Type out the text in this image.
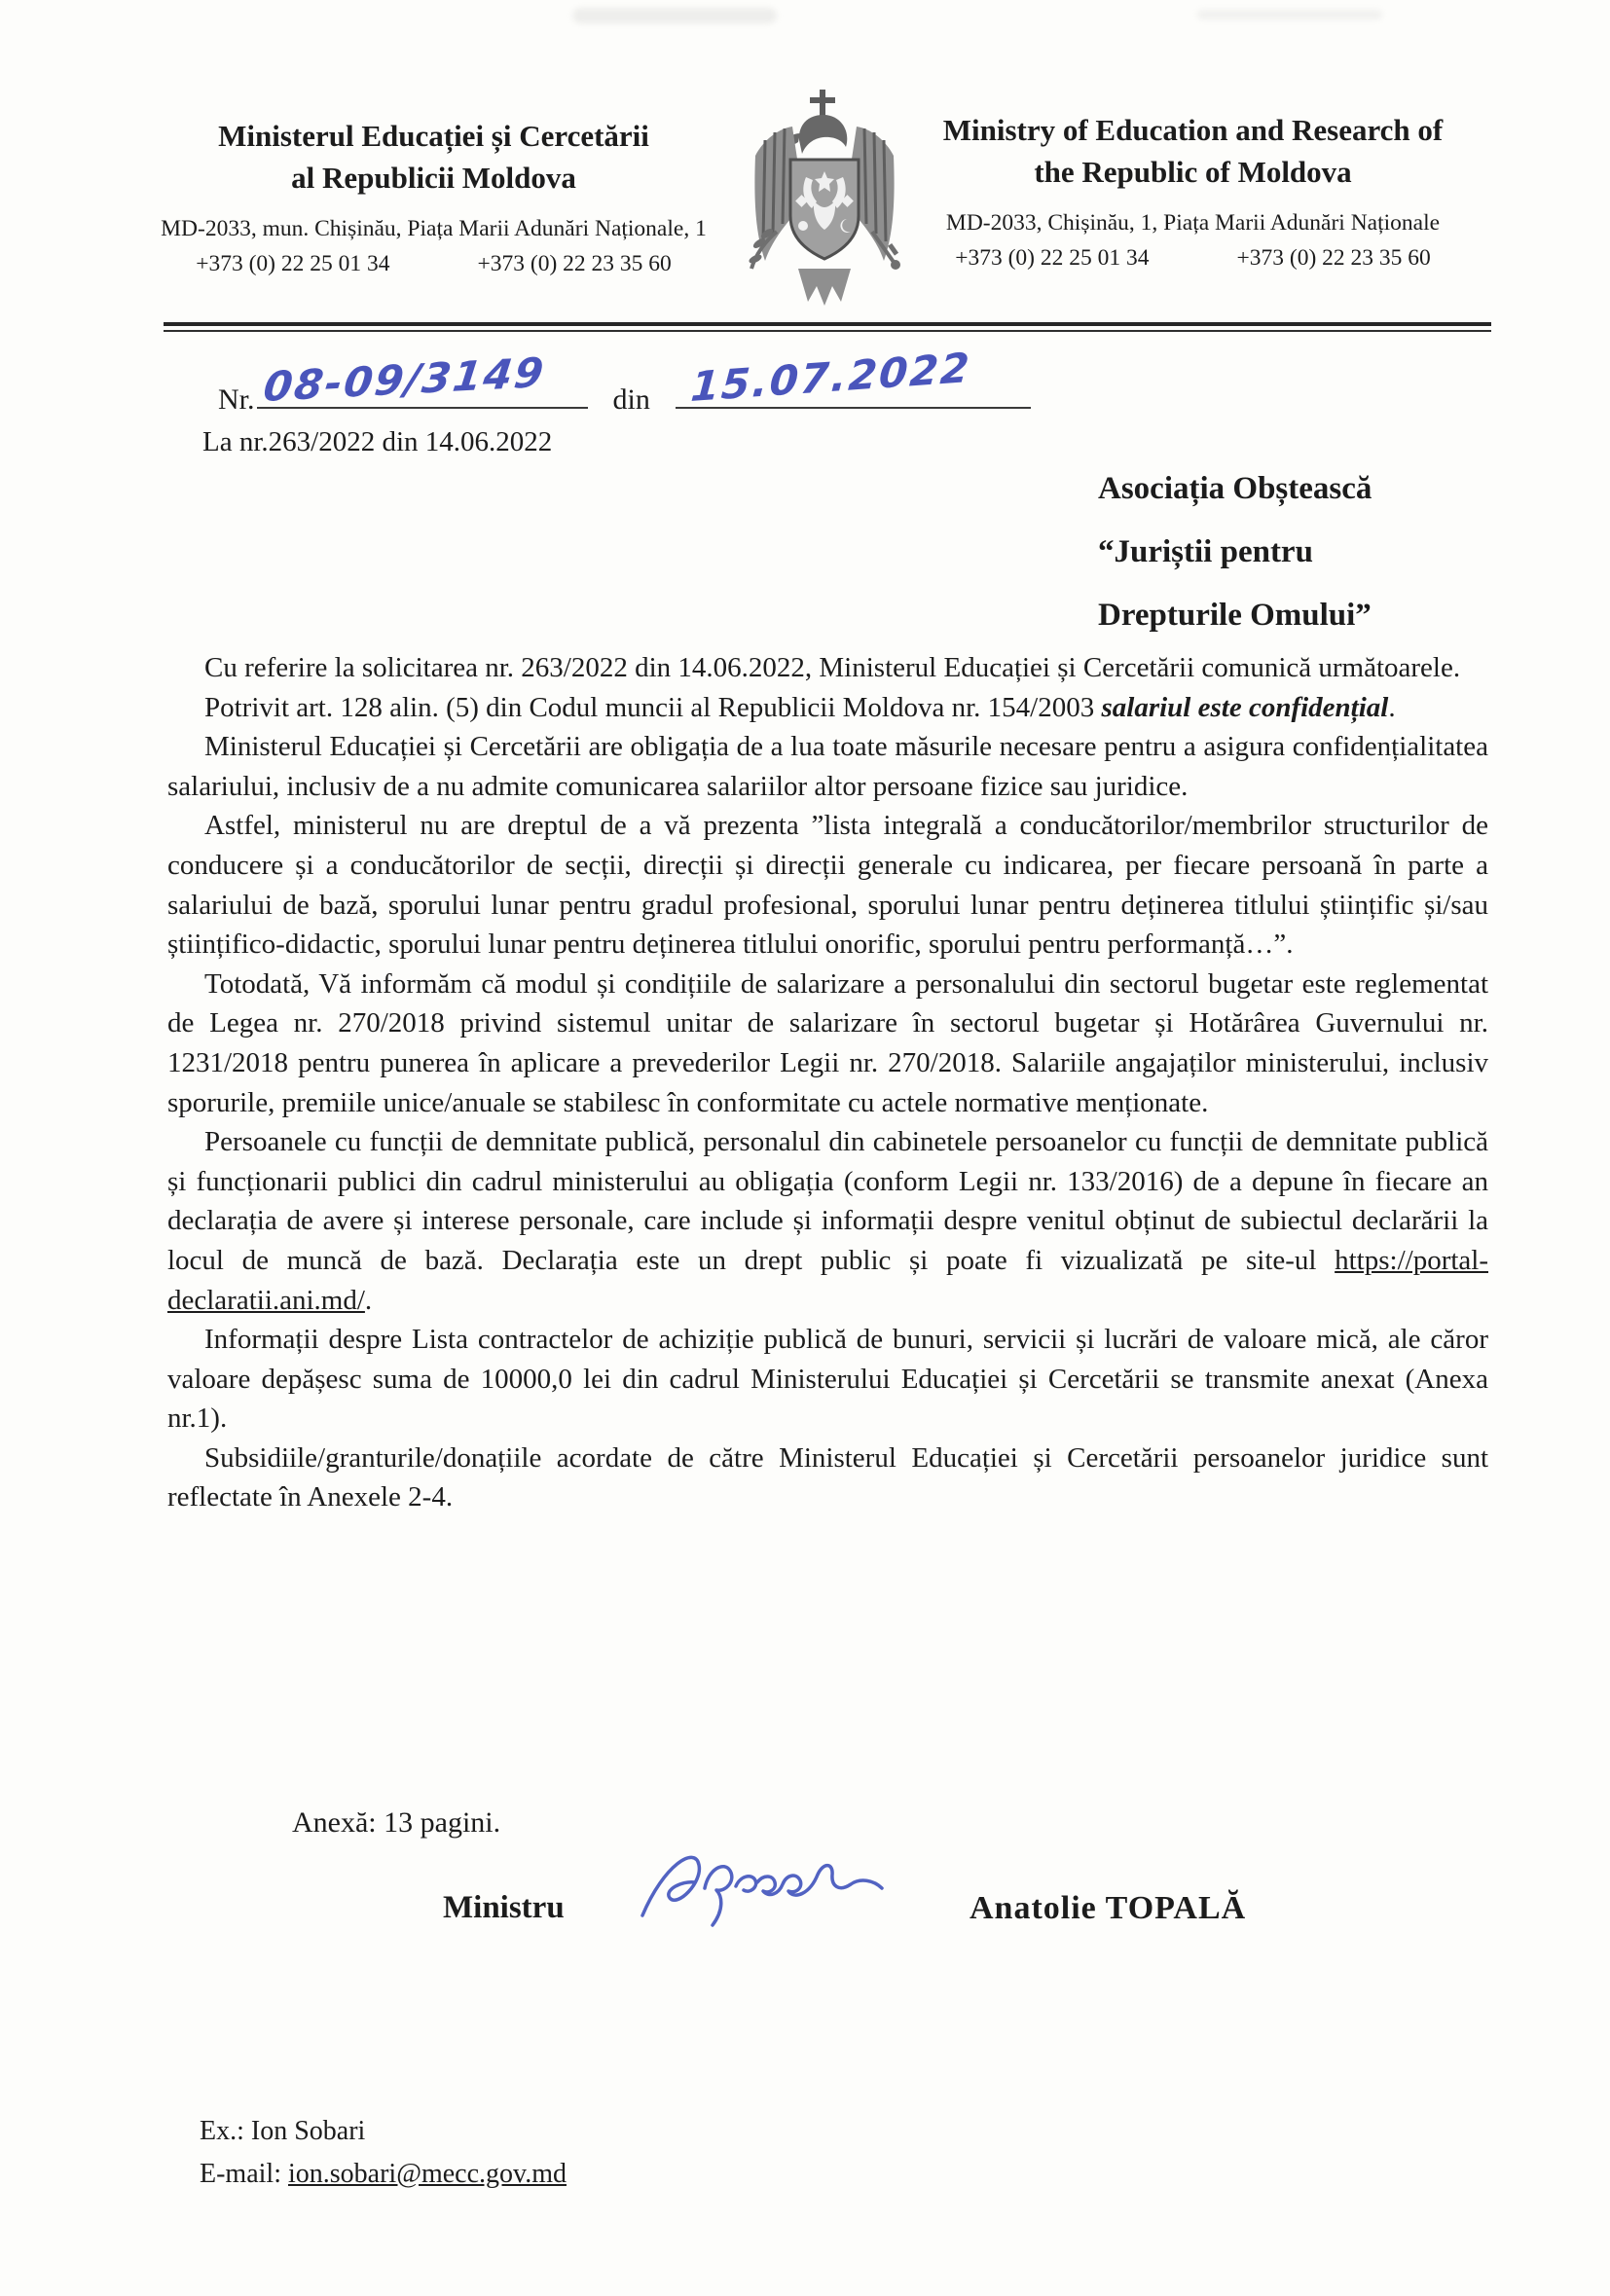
Ministerul Educației și Cercetării
al Republicii Moldova
MD-2033, mun. Chișinău, Piața Marii Adunări Naționale, 1
+373 (0) 22 25 01 34	+373 (0) 22 23 35 60
Ministry of Education and Research of
the Republic of Moldova
MD-2033, Chișinău, 1, Piața Marii Adunări Naționale
+373 (0) 22 25 01 34	+373 (0) 22 23 35 60
Nr. 08-09/3149 din 15.07.2022
La nr.263/2022 din 14.06.2022
Asociația Obștească
“Juriștii pentru
Drepturile Omului”

Cu referire la solicitarea nr. 263/2022 din 14.06.2022, Ministerul Educației și Cercetării comunică următoarele.

Potrivit art. 128 alin. (5) din Codul muncii al Republicii Moldova nr. 154/2003 salariul este confidențial.

Ministerul Educației și Cercetării are obligația de a lua toate măsurile necesare pentru a asigura confidențialitatea salariului, inclusiv de a nu admite comunicarea salariilor altor persoane fizice sau juridice.

Astfel, ministerul nu are dreptul de a vă prezenta ”lista integrală a conducătorilor/membrilor structurilor de conducere și a conducătorilor de secții, direcții și direcții generale cu indicarea, per fiecare persoană în parte a salariului de bază, sporului lunar pentru gradul profesional, sporului lunar pentru deținerea titlului științific și/sau științifico-didactic, sporului lunar pentru deținerea titlului onorific, sporului pentru performanță…”.

Totodată, Vă informăm că modul și condițiile de salarizare a personalului din sectorul bugetar este reglementat de Legea nr. 270/2018 privind sistemul unitar de salarizare în sectorul bugetar și Hotărârea Guvernului nr. 1231/2018 pentru punerea în aplicare a prevederilor Legii nr. 270/2018. Salariile angajaților ministerului, inclusiv sporurile, premiile unice/anuale se stabilesc în conformitate cu actele normative menționate.

Persoanele cu funcții de demnitate publică, personalul din cabinetele persoanelor cu funcții de demnitate publică și funcționarii publici din cadrul ministerului au obligația (conform Legii nr. 133/2016) de a depune în fiecare an declarația de avere și interese personale, care include și informații despre venitul obținut de subiectul declarării la locul de muncă de bază. Declarația este un drept public și poate fi vizualizată pe site-ul https://portal-declaratii.ani.md/.

Informații despre Lista contractelor de achiziție publică de bunuri, servicii și lucrări de valoare mică, ale căror valoare depășesc suma de 10000,0 lei din cadrul Ministerului Educației și Cercetării se transmite anexat (Anexa nr.1).

Subsidiile/granturile/donațiile acordate de către Ministerul Educației și Cercetării persoanelor juridice sunt reflectate în Anexele 2-4.

Anexă: 13 pagini.
Ministru	Anatolie TOPALĂ
Ex.: Ion Sobari
E-mail: ion.sobari@mecc.gov.md
